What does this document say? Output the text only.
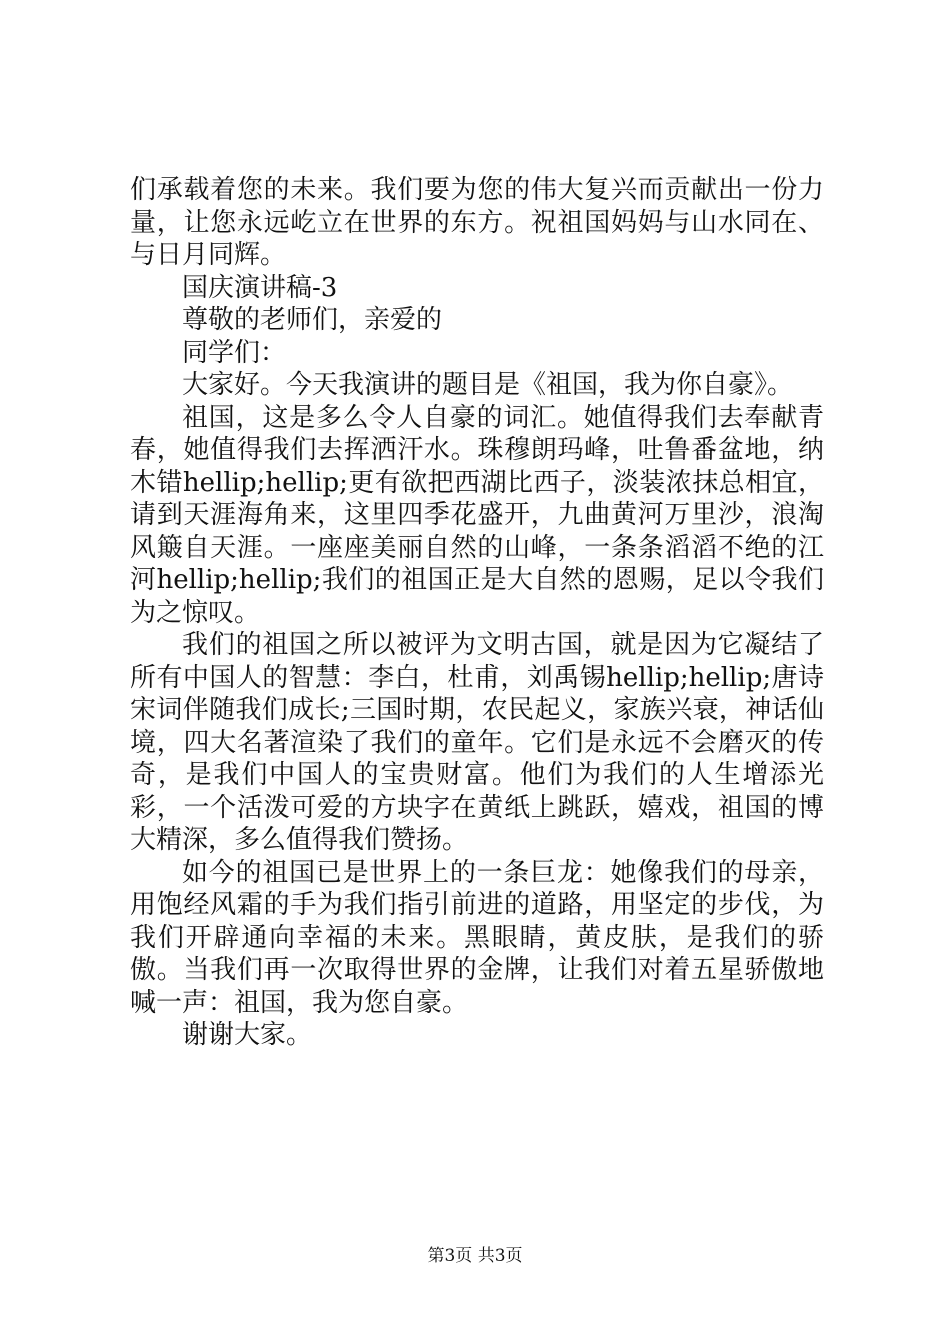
们承载着您的未来。我们要为您的伟大复兴而贡献出一份力量，让您永远屹立在世界的东方。祝祖国妈妈与山水同在、与日月同辉。

国庆演讲稿-3

尊敬的老师们，亲爱的

同学们：

大家好。今天我演讲的题目是《祖国，我为你自豪》。

祖国，这是多么令人自豪的词汇。她值得我们去奉献青春，她值得我们去挥洒汗水。珠穆朗玛峰，吐鲁番盆地，纳木错hellip;hellip;更有欲把西湖比西子，淡装浓抹总相宜，请到天涯海角来，这里四季花盛开，九曲黄河万里沙，浪淘风簸自天涯。一座座美丽自然的山峰，一条条滔滔不绝的江河hellip;hellip;我们的祖国正是大自然的恩赐，足以令我们为之惊叹。

我们的祖国之所以被评为文明古国，就是因为它凝结了所有中国人的智慧：李白，杜甫，刘禹锡hellip;hellip;唐诗宋词伴随我们成长;三国时期，农民起义，家族兴衰，神话仙境，四大名著渲染了我们的童年。它们是永远不会磨灭的传奇，是我们中国人的宝贵财富。他们为我们的人生增添光彩，一个活泼可爱的方块字在黄纸上跳跃，嬉戏，祖国的博大精深，多么值得我们赞扬。

如今的祖国已是世界上的一条巨龙：她像我们的母亲，用饱经风霜的手为我们指引前进的道路，用坚定的步伐，为我们开辟通向幸福的未来。黑眼睛，黄皮肤，是我们的骄傲。当我们再一次取得世界的金牌，让我们对着五星骄傲地喊一声：祖国，我为您自豪。

谢谢大家。

第3页 共3页
